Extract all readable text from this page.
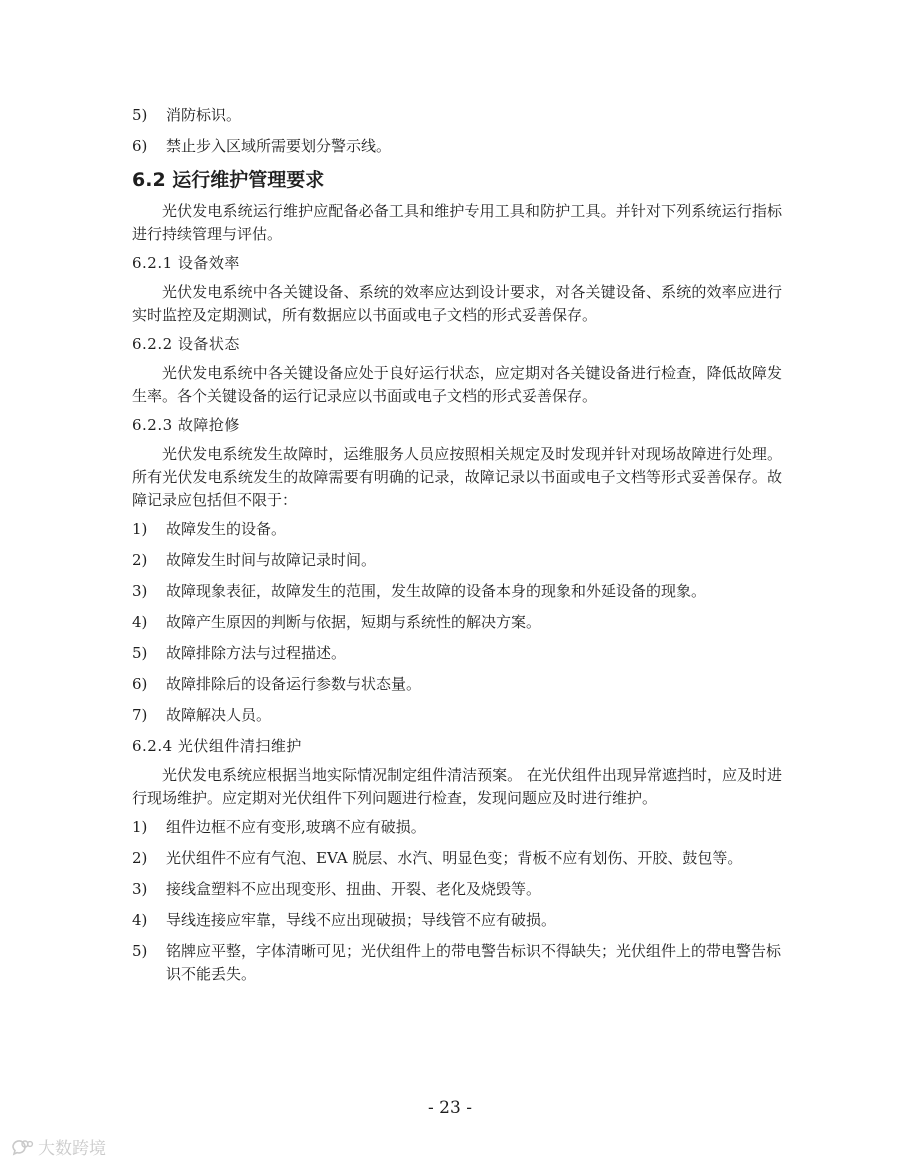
5)	消防标识。
6)	禁止步入区域所需要划分警示线。
6.2 运行维护管理要求

光伏发电系统运行维护应配备必备工具和维护专用工具和防护工具。并针对下列系统运行指标进行持续管理与评估。

6.2.1 设备效率

光伏发电系统中各关键设备、系统的效率应达到设计要求，对各关键设备、系统的效率应进行实时监控及定期测试，所有数据应以书面或电子文档的形式妥善保存。

6.2.2 设备状态

光伏发电系统中各关键设备应处于良好运行状态，应定期对各关键设备进行检查，降低故障发生率。各个关键设备的运行记录应以书面或电子文档的形式妥善保存。

6.2.3 故障抢修

光伏发电系统发生故障时，运维服务人员应按照相关规定及时发现并针对现场故障进行处理。所有光伏发电系统发生的故障需要有明确的记录，故障记录以书面或电子文档等形式妥善保存。故障记录应包括但不限于：

1)	故障发生的设备。
2)	故障发生时间与故障记录时间。
3)	故障现象表征，故障发生的范围，发生故障的设备本身的现象和外延设备的现象。
4)	故障产生原因的判断与依据，短期与系统性的解决方案。
5)	故障排除方法与过程描述。
6)	故障排除后的设备运行参数与状态量。
7)	故障解决人员。
6.2.4 光伏组件清扫维护

光伏发电系统应根据当地实际情况制定组件清洁预案。 在光伏组件出现异常遮挡时，应及时进行现场维护。应定期对光伏组件下列问题进行检查，发现问题应及时进行维护。

1)	组件边框不应有变形,玻璃不应有破损。
2)	光伏组件不应有气泡、EVA 脱层、水汽、明显色变；背板不应有划伤、开胶、鼓包等。
3)	接线盒塑料不应出现变形、扭曲、开裂、老化及烧毁等。
4)	导线连接应牢靠，导线不应出现破损；导线管不应有破损。
5)	铭牌应平整，字体清晰可见；光伏组件上的带电警告标识不得缺失；光伏组件上的带电警告标识不能丢失。
- 23 -
大数跨境
